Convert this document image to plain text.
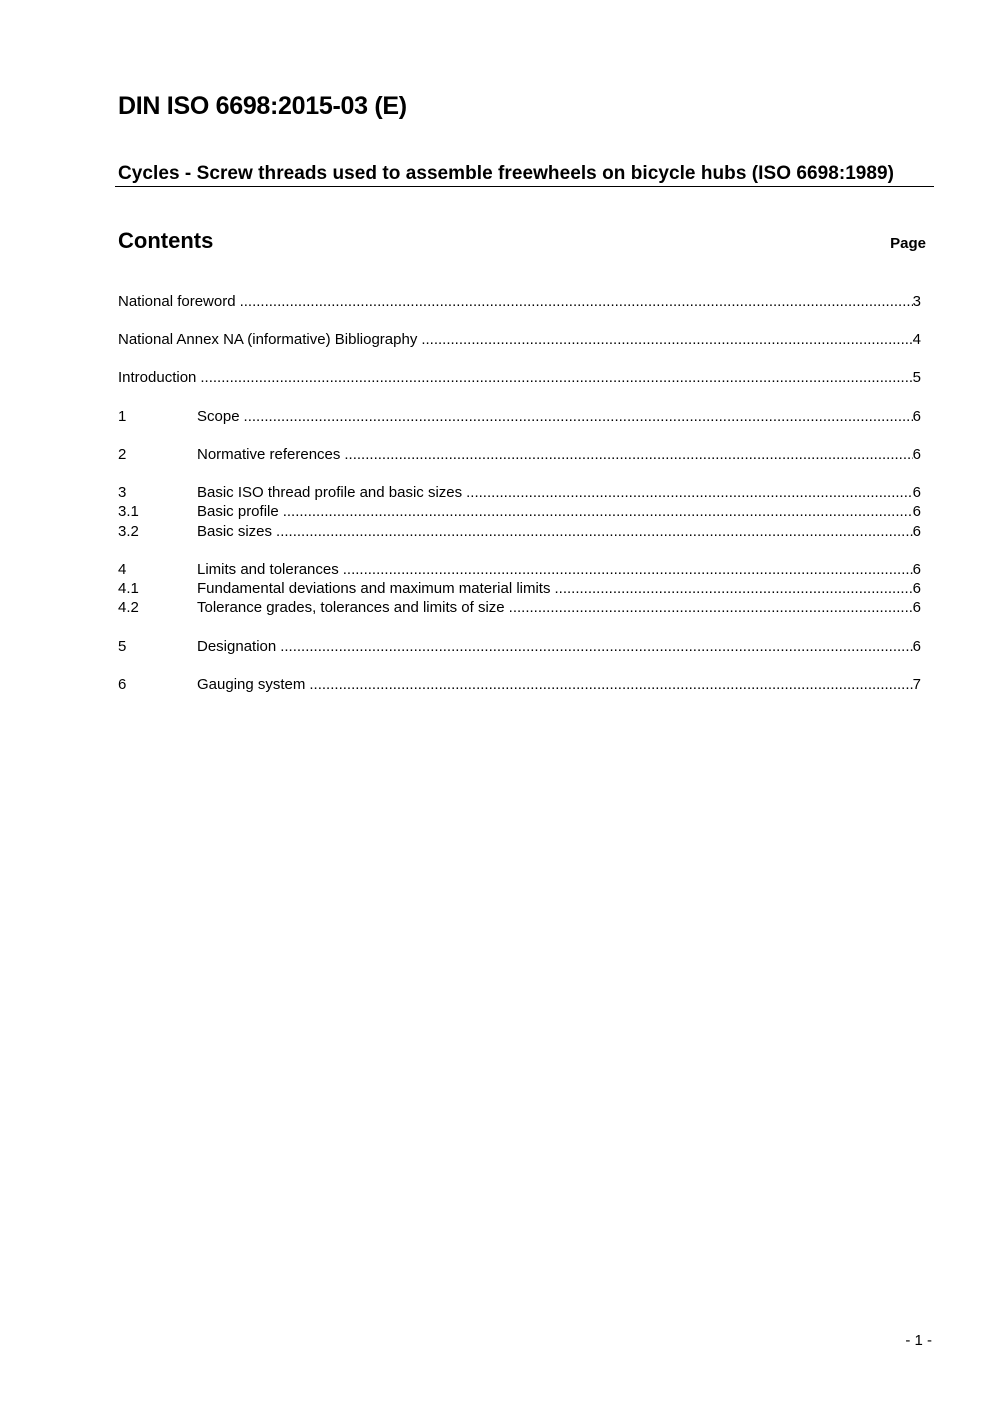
DIN ISO 6698:2015-03 (E)
Cycles - Screw threads used to assemble freewheels on bicycle hubs (ISO 6698:1989)
Contents	Page
National foreword .....	3
National Annex NA (informative) Bibliography .....	4
Introduction .....	5
1	Scope .....	6
2	Normative references .....	6
3	Basic ISO thread profile and basic sizes .....	6
3.1	Basic profile .....	6
3.2	Basic sizes .....	6
4	Limits and tolerances .....	6
4.1	Fundamental deviations and maximum material limits .....	6
4.2	Tolerance grades, tolerances and limits of size .....	6
5	Designation .....	6
6	Gauging system .....	7
- 1 -
